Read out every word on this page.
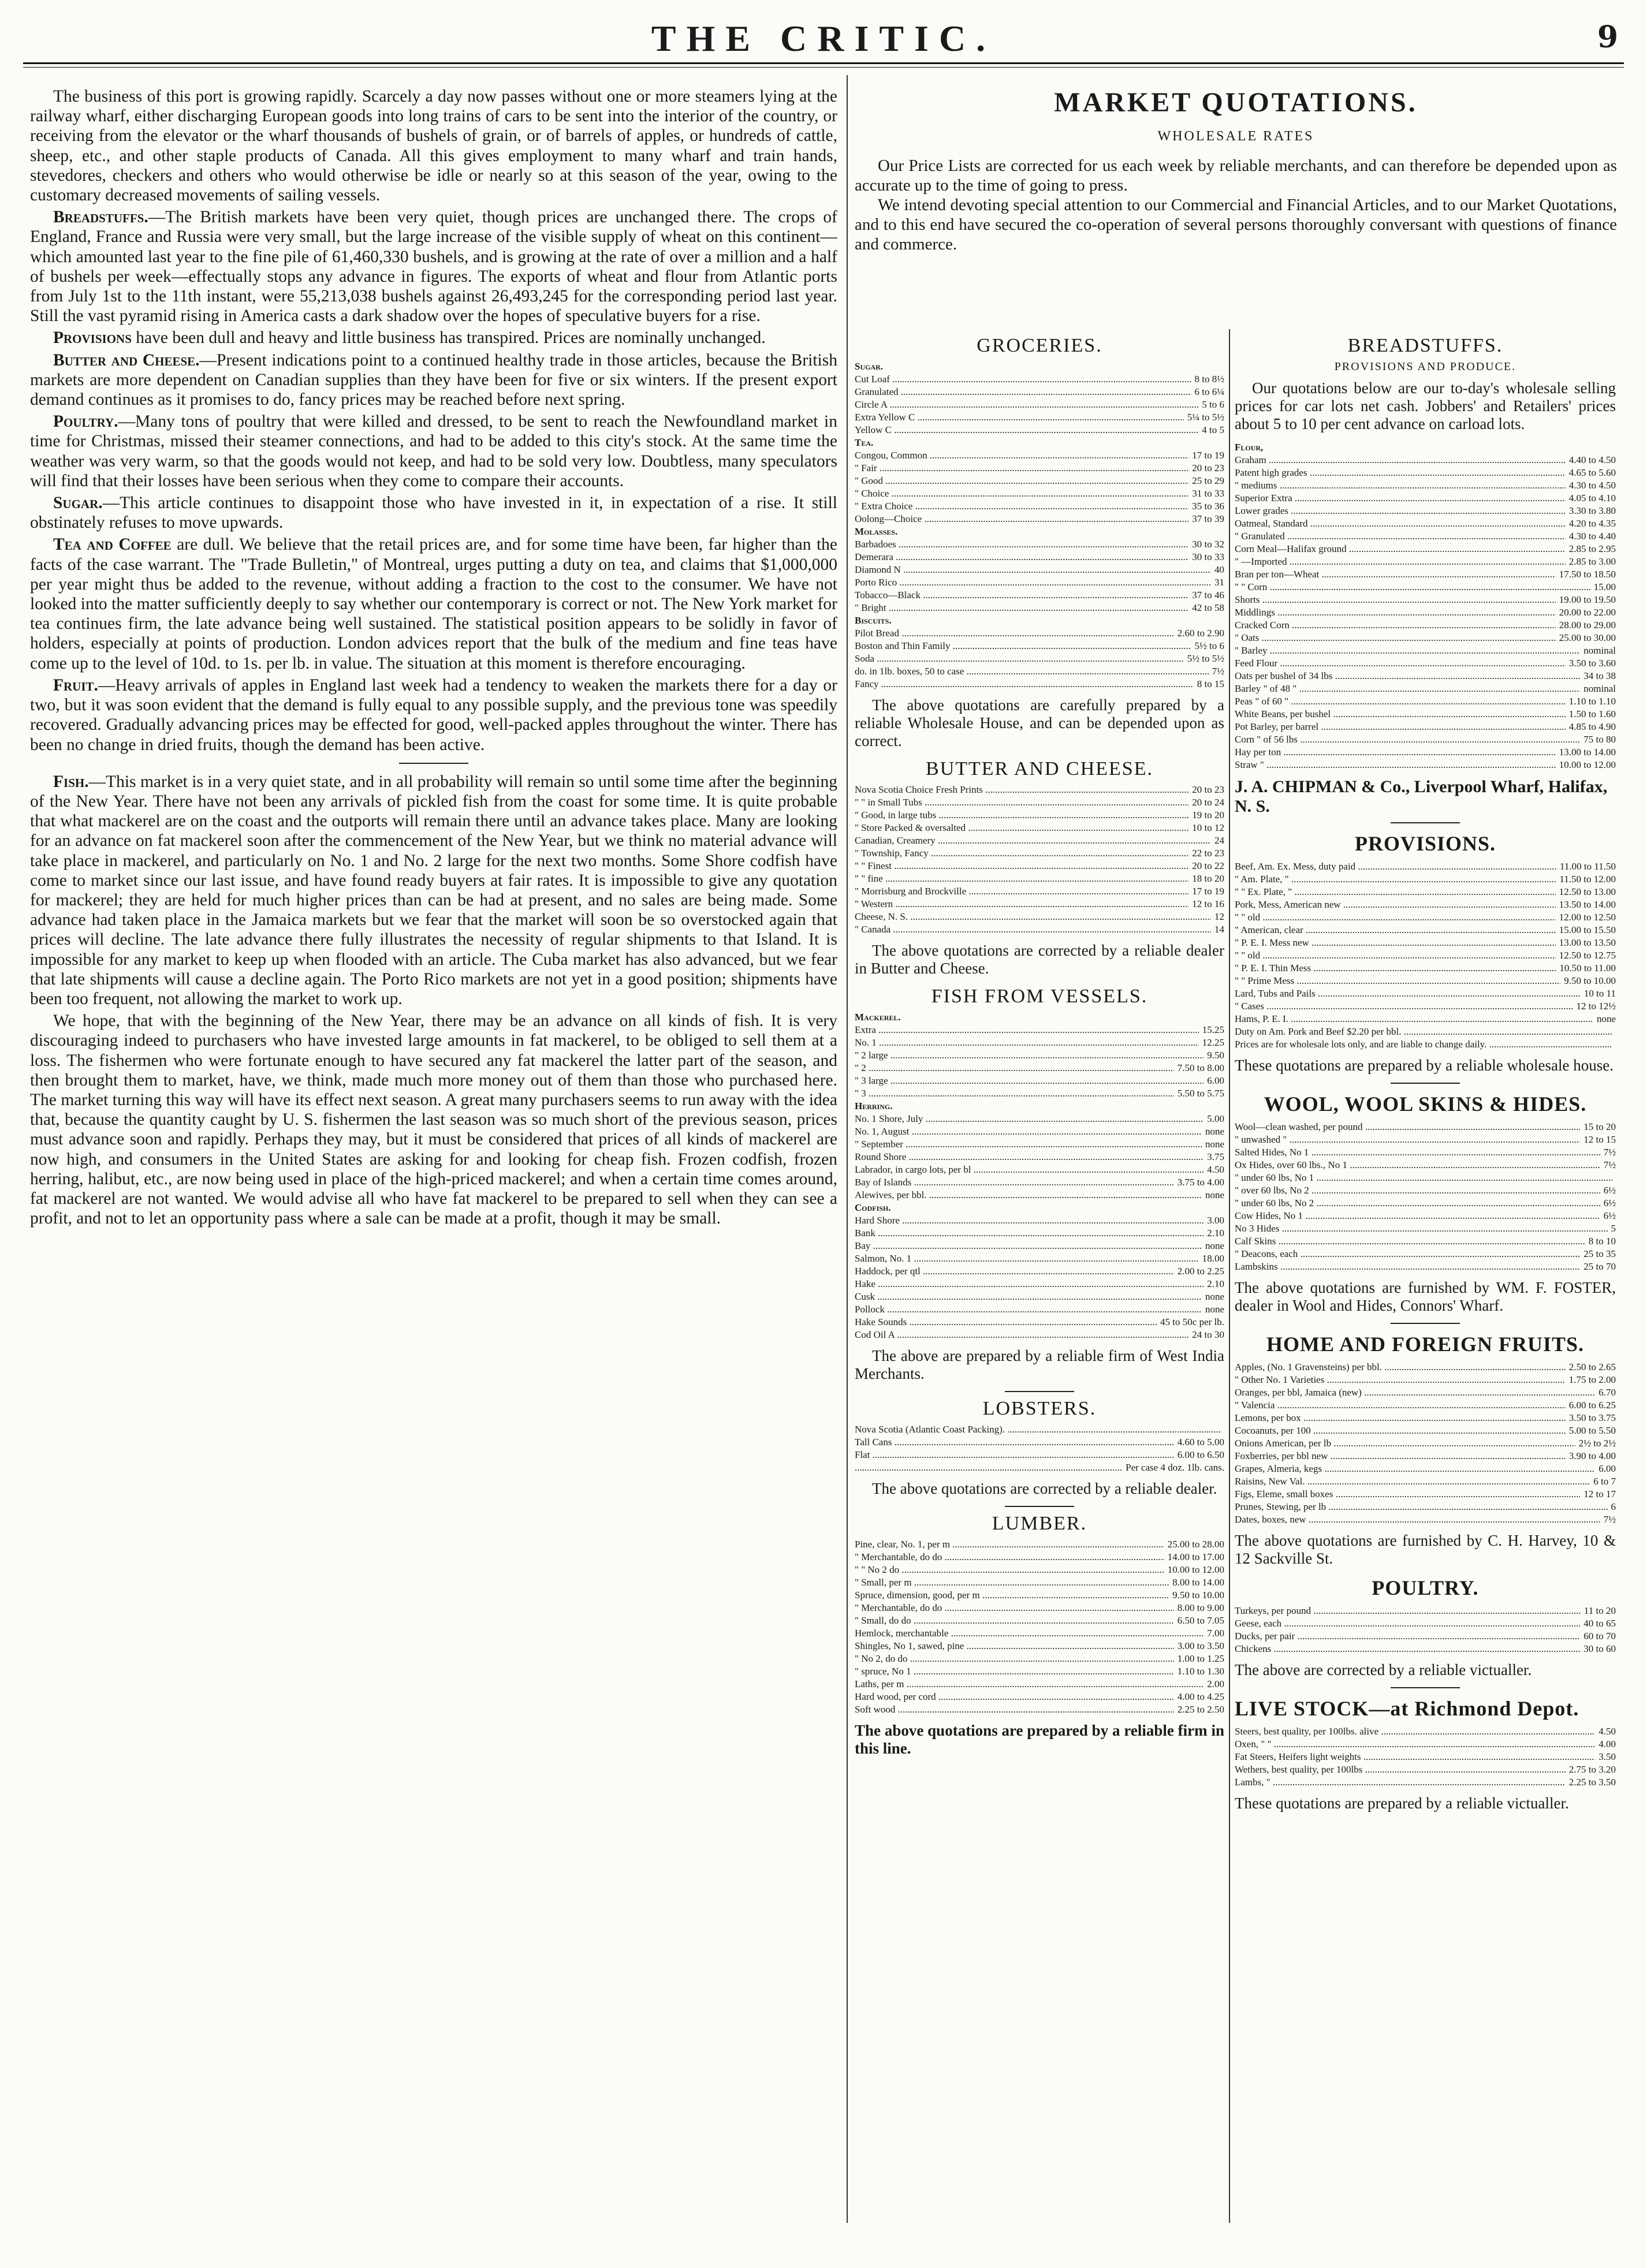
THE CRITIC.	9

The business of this port is growing rapidly. Scarcely a day now passes without one or more steamers lying at the railway wharf, either discharging European goods into long trains of cars to be sent into the interior of the country, or receiving from the elevator or the wharf thousands of bushels of grain, or of barrels of apples, or hundreds of cattle, sheep, etc., and other staple products of Canada. All this gives employment to many wharf and train hands, stevedores, checkers and others who would otherwise be idle or nearly so at this season of the year, owing to the customary decreased movements of sailing vessels.

Breadstuffs.—The British markets have been very quiet, though prices are unchanged there. The crops of England, France and Russia were very small, but the large increase of the visible supply of wheat on this continent—which amounted last year to the fine pile of 61,460,330 bushels, and is growing at the rate of over a million and a half of bushels per week—effectually stops any advance in figures. The exports of wheat and flour from Atlantic ports from July 1st to the 11th instant, were 55,213,038 bushels against 26,493,245 for the corresponding period last year. Still the vast pyramid rising in America casts a dark shadow over the hopes of speculative buyers for a rise.

Provisions have been dull and heavy and little business has transpired. Prices are nominally unchanged.

Butter and Cheese.—Present indications point to a continued healthy trade in those articles, because the British markets are more dependent on Canadian supplies than they have been for five or six winters. If the present export demand continues as it promises to do, fancy prices may be reached before next spring.

Poultry.—Many tons of poultry that were killed and dressed, to be sent to reach the Newfoundland market in time for Christmas, missed their steamer connections, and had to be added to this city's stock. At the same time the weather was very warm, so that the goods would not keep, and had to be sold very low. Doubtless, many speculators will find that their losses have been serious when they come to compare their accounts.

Sugar.—This article continues to disappoint those who have invested in it, in expectation of a rise. It still obstinately refuses to move upwards.

Tea and Coffee are dull. We believe that the retail prices are, and for some time have been, far higher than the facts of the case warrant. The "Trade Bulletin," of Montreal, urges putting a duty on tea, and claims that $1,000,000 per year might thus be added to the revenue, without adding a fraction to the cost to the consumer. We have not looked into the matter sufficiently deeply to say whether our contemporary is correct or not. The New York market for tea continues firm, the late advance being well sustained. The statistical position appears to be solidly in favor of holders, especially at points of production. London advices report that the bulk of the medium and fine teas have come up to the level of 10d. to 1s. per lb. in value. The situation at this moment is therefore encouraging.

Fruit.—Heavy arrivals of apples in England last week had a tendency to weaken the markets there for a day or two, but it was soon evident that the demand is fully equal to any possible supply, and the previous tone was speedily recovered. Gradually advancing prices may be effected for good, well-packed apples throughout the winter. There has been no change in dried fruits, though the demand has been active.

Fish.—This market is in a very quiet state, and in all probability will remain so until some time after the beginning of the New Year. There have not been any arrivals of pickled fish from the coast for some time. It is quite probable that what mackerel are on the coast and the outports will remain there until an advance takes place. Many are looking for an advance on fat mackerel soon after the commencement of the New Year, but we think no material advance will take place in mackerel, and particularly on No. 1 and No. 2 large for the next two months. Some Shore codfish have come to market since our last issue, and have found ready buyers at fair rates. It is impossible to give any quotation for mackerel; they are held for much higher prices than can be had at present, and no sales are being made. Some advance had taken place in the Jamaica markets but we fear that the market will soon be so overstocked again that prices will decline. The late advance there fully illustrates the necessity of regular shipments to that Island. It is impossible for any market to keep up when flooded with an article. The Cuba market has also advanced, but we fear that late shipments will cause a decline again. The Porto Rico markets are not yet in a good position; shipments have been too frequent, not allowing the market to work up.

We hope, that with the beginning of the New Year, there may be an advance on all kinds of fish. It is very discouraging indeed to purchasers who have invested large amounts in fat mackerel, to be obliged to sell them at a loss. The fishermen who were fortunate enough to have secured any fat mackerel the latter part of the season, and then brought them to market, have, we think, made much more money out of them than those who purchased here. The market turning this way will have its effect next season. A great many purchasers seems to run away with the idea that, because the quantity caught by U. S. fishermen the last season was so much short of the previous season, prices must advance soon and rapidly. Perhaps they may, but it must be considered that prices of all kinds of mackerel are now high, and consumers in the United States are asking for and looking for cheap fish. Frozen codfish, frozen herring, halibut, etc., are now being used in place of the high-priced mackerel; and when a certain time comes around, fat mackerel are not wanted. We would advise all who have fat mackerel to be prepared to sell when they can see a profit, and not to let an opportunity pass where a sale can be made at a profit, though it may be small.

MARKET QUOTATIONS.
WHOLESALE RATES

Our Price Lists are corrected for us each week by reliable merchants, and can therefore be depended upon as accurate up to the time of going to press.

We intend devoting special attention to our Commercial and Financial Articles, and to our Market Quotations, and to this end have secured the co-operation of several persons thoroughly conversant with questions of finance and commerce.

GROCERIES.
Sugar.
Cut Loaf .....	8 to 8½
Granulated .....	6 to 6¼
Circle A .....	5 to 6
Extra Yellow C .....	5¼ to 5½
Yellow C .....	4 to 5
Tea.
Congou, Common .....	17 to 19
" Fair .....	20 to 23
" Good .....	25 to 29
" Choice .....	31 to 33
" Extra Choice .....	35 to 36
Oolong—Choice .....	37 to 39
Molasses.
Barbadoes .....	30 to 32
Demerara .....	30 to 33
Diamond N .....	40
Porto Rico .....	31
Tobacco—Black .....	37 to 46
" Bright .....	42 to 58
Biscuits.
Pilot Bread .....	2.60 to 2.90
Boston and Thin Family .....	5½ to 6
Soda .....	5½ to 5½
do. in 1lb. boxes, 50 to case .....	7½
Fancy .....	8 to 15
The above quotations are carefully prepared by a reliable Wholesale House, and can be depended upon as correct.
BUTTER AND CHEESE.
Nova Scotia Choice Fresh Prints .....	20 to 23
" " in Small Tubs .....	20 to 24
" Good, in large tubs .....	19 to 20
" Store Packed & oversalted .....	10 to 12
Canadian, Creamery .....	24
" Township, Fancy .....	22 to 23
" " Finest .....	20 to 22
" " fine .....	18 to 20
" Morrisburg and Brockville .....	17 to 19
" Western .....	12 to 16
Cheese, N. S. .....	12
" Canada .....	14
The above quotations are corrected by a reliable dealer in Butter and Cheese.
FISH FROM VESSELS.
Mackerel.
Extra .....	15.25
No. 1 .....	12.25
" 2 large .....	9.50
" 2 .....	7.50 to 8.00
" 3 large .....	6.00
" 3 .....	5.50 to 5.75
Herring.
No. 1 Shore, July .....	5.00
No. 1, August .....	none
" September .....	none
Round Shore .....	3.75
Labrador, in cargo lots, per bl .....	4.50
Bay of Islands .....	3.75 to 4.00
Alewives, per bbl. .....	none
Codfish.
Hard Shore .....	3.00
Bank .....	2.10
Bay .....	none
Salmon, No. 1 .....	18.00
Haddock, per qtl .....	2.00 to 2.25
Hake .....	2.10
Cusk .....	none
Pollock .....	none
Hake Sounds .....	45 to 50c per lb.
Cod Oil A .....	24 to 30
The above are prepared by a reliable firm of West India Merchants.
LOBSTERS.
Nova Scotia (Atlantic Coast Packing). .....
Tall Cans .....	4.60 to 5.00
Flat .....	6.00 to 6.50
.....
Per case 4 doz. 1lb. cans.
The above quotations are corrected by a reliable dealer.
LUMBER.
Pine, clear, No. 1, per m .....	25.00 to 28.00
" Merchantable, do do .....	14.00 to 17.00
" " No 2 do .....	10.00 to 12.00
" Small, per m .....	8.00 to 14.00
Spruce, dimension, good, per m .....	9.50 to 10.00
" Merchantable, do do .....	8.00 to 9.00
" Small, do do .....	6.50 to 7.05
Hemlock, merchantable .....	7.00
Shingles, No 1, sawed, pine .....	3.00 to 3.50
" No 2, do do .....	1.00 to 1.25
" spruce, No 1 .....	1.10 to 1.30
Laths, per m .....	2.00
Hard wood, per cord .....	4.00 to 4.25
Soft wood .....	2.25 to 2.50
The above quotations are prepared by a reliable firm in this line.
BREADSTUFFS.
PROVISIONS AND PRODUCE.
Our quotations below are our to-day's wholesale selling prices for car lots net cash. Jobbers' and Retailers' prices about 5 to 10 per cent advance on carload lots.
Flour,
Graham .....	4.40 to 4.50
Patent high grades .....	4.65 to 5.60
" mediums .....	4.30 to 4.50
Superior Extra .....	4.05 to 4.10
Lower grades .....	3.30 to 3.80
Oatmeal, Standard .....	4.20 to 4.35
" Granulated .....	4.30 to 4.40
Corn Meal—Halifax ground .....	2.85 to 2.95
" —Imported .....	2.85 to 3.00
Bran per ton—Wheat .....	17.50 to 18.50
" " Corn .....	15.00
Shorts .....	19.00 to 19.50
Middlings .....	20.00 to 22.00
Cracked Corn .....	28.00 to 29.00
" Oats .....	25.00 to 30.00
" Barley .....	nominal
Feed Flour .....	3.50 to 3.60
Oats per bushel of 34 lbs .....	34 to 38
Barley " of 48 " .....	nominal
Peas " of 60 " .....	1.10 to 1.10
White Beans, per bushel .....	1.50 to 1.60
Pot Barley, per barrel .....	4.85 to 4.90
Corn " of 56 lbs .....	75 to 80
Hay per ton .....	13.00 to 14.00
Straw " .....	10.00 to 12.00
J. A. CHIPMAN & Co., Liverpool Wharf, Halifax, N. S.
PROVISIONS.
Beef, Am. Ex. Mess, duty paid .....	11.00 to 11.50
" Am. Plate, " .....	11.50 to 12.00
" " Ex. Plate, " .....	12.50 to 13.00
Pork, Mess, American new .....	13.50 to 14.00
" " old .....	12.00 to 12.50
" American, clear .....	15.00 to 15.50
" P. E. I. Mess new .....	13.00 to 13.50
" " old .....	12.50 to 12.75
" P. E. I. Thin Mess .....	10.50 to 11.00
" " Prime Mess .....	9.50 to 10.00
Lard, Tubs and Pails .....	10 to 11
" Cases .....	12 to 12½
Hams, P. E. I. .....	none
Duty on Am. Pork and Beef $2.20 per bbl. .....
Prices are for wholesale lots only, and are liable to change daily. .....
These quotations are prepared by a reliable wholesale house.
WOOL, WOOL SKINS & HIDES.
Wool—clean washed, per pound .....	15 to 20
" unwashed " .....	12 to 15
Salted Hides, No 1 .....	7½
Ox Hides, over 60 lbs., No 1 .....	7½
" under 60 lbs, No 1 .....
" over 60 lbs, No 2 .....	6½
" under 60 lbs, No 2 .....	6½
Cow Hides, No 1 .....	6½
No 3 Hides .....	5
Calf Skins .....	8 to 10
" Deacons, each .....	25 to 35
Lambskins .....	25 to 70
The above quotations are furnished by WM. F. FOSTER, dealer in Wool and Hides, Connors' Wharf.
HOME AND FOREIGN FRUITS.
Apples, (No. 1 Gravensteins) per bbl. .....	2.50 to 2.65
" Other No. 1 Varieties .....	1.75 to 2.00
Oranges, per bbl, Jamaica (new) .....	6.70
" Valencia .....	6.00 to 6.25
Lemons, per box .....	3.50 to 3.75
Cocoanuts, per 100 .....	5.00 to 5.50
Onions American, per lb .....	2½ to 2½
Foxberries, per bbl new .....	3.90 to 4.00
Grapes, Almeria, kegs .....	6.00
Raisins, New Val. .....	6 to 7
Figs, Eleme, small boxes .....	12 to 17
Prunes, Stewing, per lb .....	6
Dates, boxes, new .....	7½
The above quotations are furnished by C. H. Harvey, 10 & 12 Sackville St.
POULTRY.
Turkeys, per pound .....	11 to 20
Geese, each .....	40 to 65
Ducks, per pair .....	60 to 70
Chickens .....	30 to 60
The above are corrected by a reliable victualler.
LIVE STOCK—at Richmond Depot.
Steers, best quality, per 100lbs. alive .....	4.50
Oxen, " " .....	4.00
Fat Steers, Heifers light weights .....	3.50
Wethers, best quality, per 100lbs .....	2.75 to 3.20
Lambs, " .....	2.25 to 3.50
These quotations are prepared by a reliable victualler.
